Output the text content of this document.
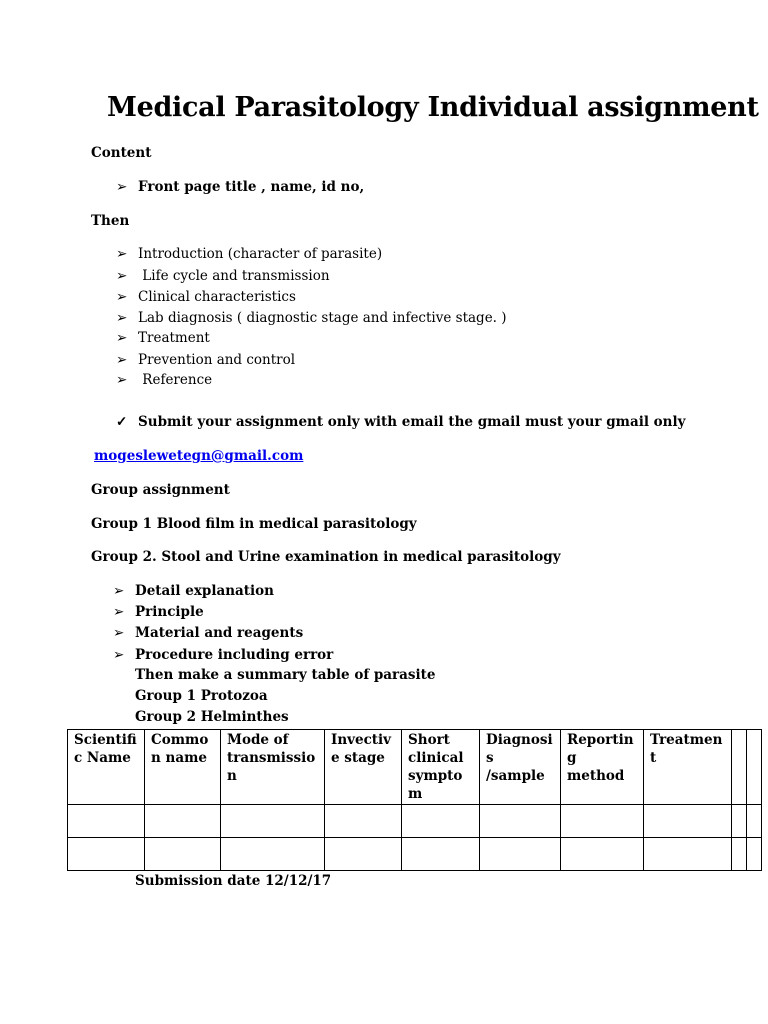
Medical Parasitology Individual assignment
Content
➢ Front page title , name, id no,
Then
➢ Introduction (character of parasite)
➢ Life cycle and transmission
➢ Clinical characteristics
➢ Lab diagnosis ( diagnostic stage and infective stage. )
➢ Treatment
➢ Prevention and control
➢ Reference
✓ Submit your assignment only with email the gmail must your gmail only
mogeslewetegn@gmail.com
Group assignment
Group 1 Blood film in medical parasitology
Group 2. Stool and Urine examination in medical parasitology
➢ Detail explanation
➢ Principle
➢ Material and reagents
➢ Procedure including error
Then make a summary table of parasite
Group 1 Protozoa
Group 2 Helminthes
Scientific Name	Common name	Mode of transmission	Invective stage	Short clinical symptom	Diagnosis /sample	Reporting method	Treatment		

Submission date 12/12/17
